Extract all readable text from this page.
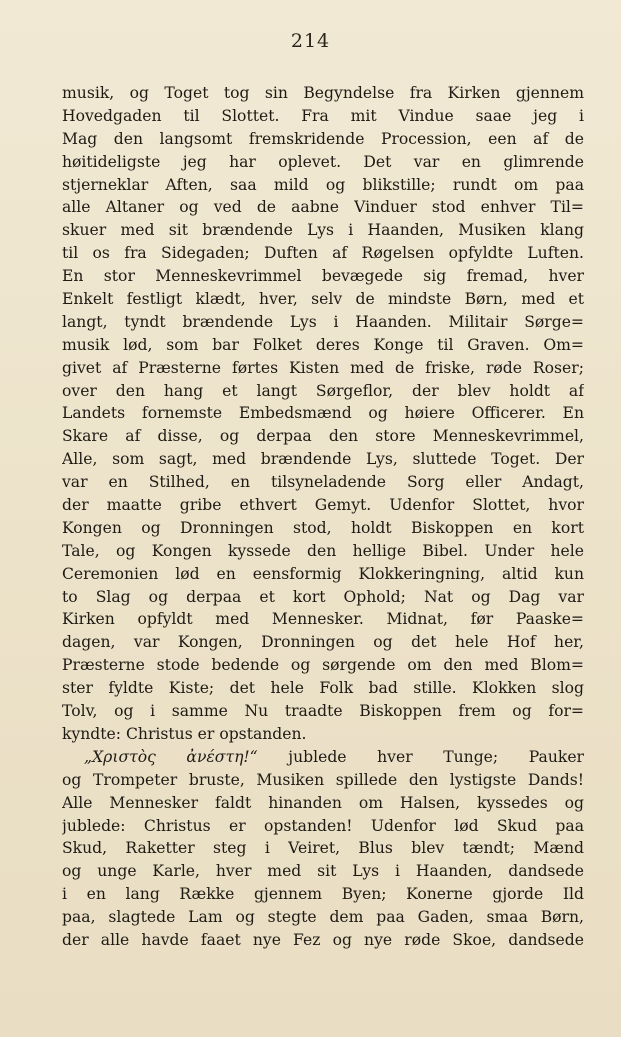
214
musik, og Toget tog sin Begyndelse fra Kirken gjennem
Hovedgaden til Slottet. Fra mit Vindue saae jeg i
Mag den langsomt fremskridende Procession, een af de
høitideligste jeg har oplevet. Det var en glimrende
stjerneklar Aften, saa mild og blikstille; rundt om paa
alle Altaner og ved de aabne Vinduer stod enhver Til=
skuer med sit brændende Lys i Haanden, Musiken klang
til os fra Sidegaden; Duften af Røgelsen opfyldte Luften.
En stor Menneskevrimmel bevægede sig fremad, hver
Enkelt festligt klædt, hver, selv de mindste Børn, med et
langt, tyndt brændende Lys i Haanden. Militair Sørge=
musik lød, som bar Folket deres Konge til Graven. Om=
givet af Præsterne førtes Kisten med de friske, røde Roser;
over den hang et langt Sørgeflor, der blev holdt af
Landets fornemste Embedsmænd og høiere Officerer. En
Skare af disse, og derpaa den store Menneskevrimmel,
Alle, som sagt, med brændende Lys, sluttede Toget. Der
var en Stilhed, en tilsyneladende Sorg eller Andagt,
der maatte gribe ethvert Gemyt. Udenfor Slottet, hvor
Kongen og Dronningen stod, holdt Biskoppen en kort
Tale, og Kongen kyssede den hellige Bibel. Under hele
Ceremonien lød en eensformig Klokkeringning, altid kun
to Slag og derpaa et kort Ophold; Nat og Dag var
Kirken opfyldt med Mennesker. Midnat, før Paaske=
dagen, var Kongen, Dronningen og det hele Hof her,
Præsterne stode bedende og sørgende om den med Blom=
ster fyldte Kiste; det hele Folk bad stille. Klokken slog
Tolv, og i samme Nu traadte Biskoppen frem og for=
kyndte: Christus er opstanden.
„Χριστὸς ἀνέστη!“ jublede hver Tunge; Pauker
og Trompeter bruste, Musiken spillede den lystigste Dands!
Alle Mennesker faldt hinanden om Halsen, kyssedes og
jublede: Christus er opstanden! Udenfor lød Skud paa
Skud, Raketter steg i Veiret, Blus blev tændt; Mænd
og unge Karle, hver med sit Lys i Haanden, dandsede
i en lang Række gjennem Byen; Konerne gjorde Ild
paa, slagtede Lam og stegte dem paa Gaden, smaa Børn,
der alle havde faaet nye Fez og nye røde Skoe, dandsede
